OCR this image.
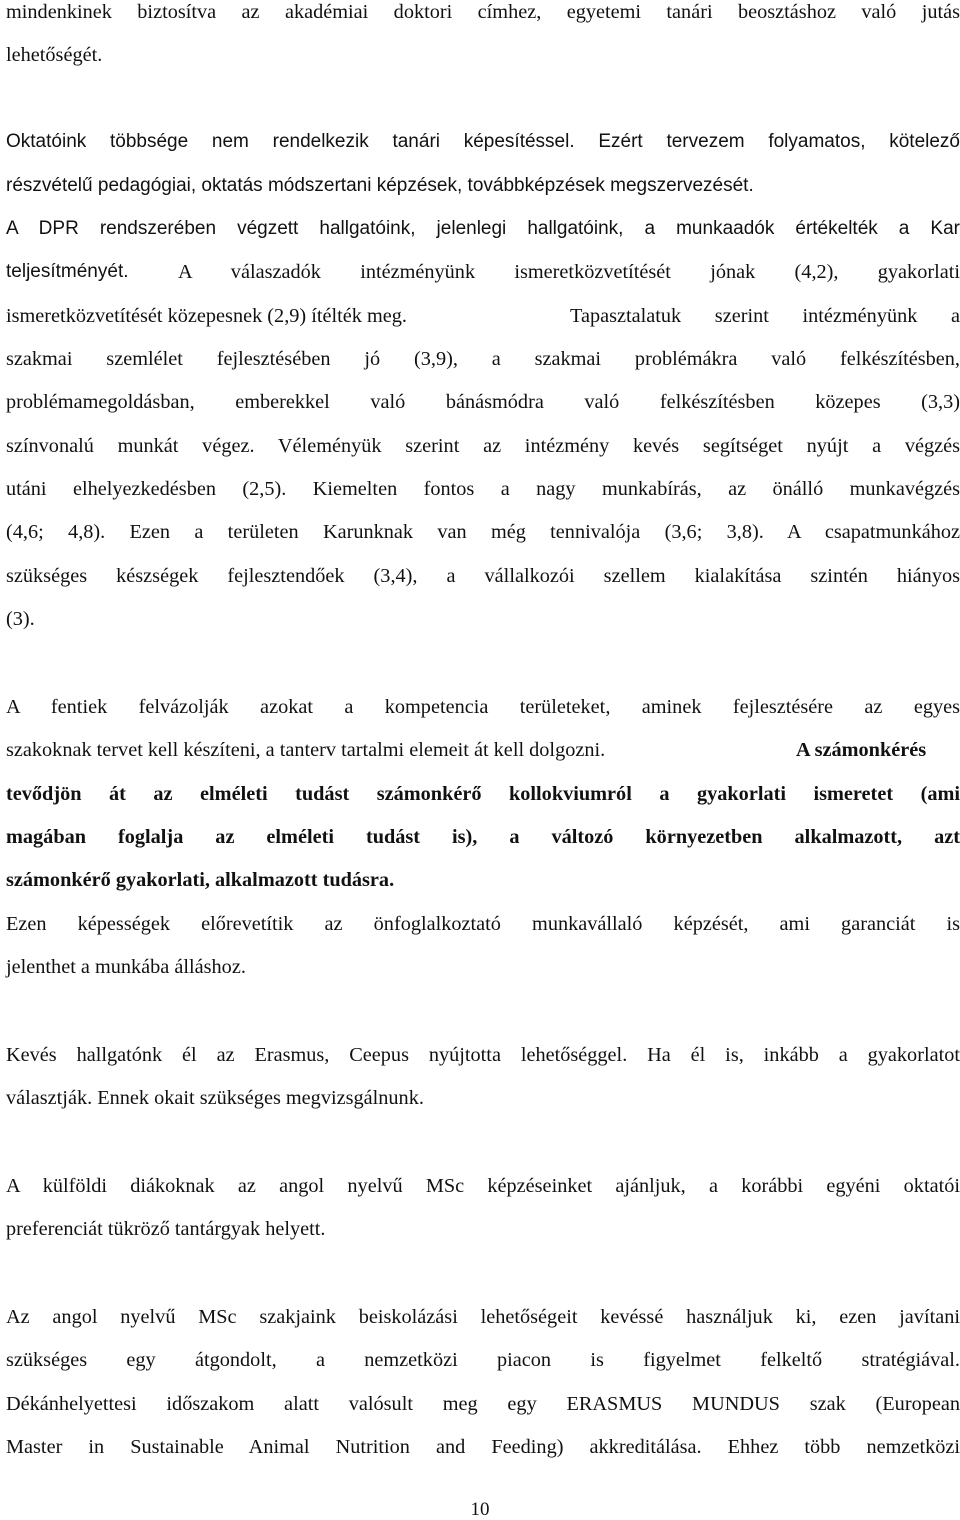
mindenkinek biztosítva az akadémiai doktori címhez, egyetemi tanári beosztáshoz való jutás
lehetőségét.
Oktatóink többsége nem rendelkezik tanári képesítéssel. Ezért tervezem folyamatos, kötelező
részvételű pedagógiai, oktatás módszertani képzések, továbbképzések megszervezését.
A DPR rendszerében végzett hallgatóink, jelenlegi hallgatóink, a munkaadók értékelték a Kar
teljesítményét. A válaszadók intézményünk ismeretközvetítését jónak (4,2), gyakorlati
ismeretközvetítését közepesnek (2,9) ítélték meg.	Tapasztalatuk szerint intézményünk a
szakmai szemlélet fejlesztésében jó (3,9), a szakmai problémákra való felkészítésben,
problémamegoldásban, emberekkel való bánásmódra való felkészítésben közepes (3,3)
színvonalú munkát végez. Véleményük szerint az intézmény kevés segítséget nyújt a végzés
utáni elhelyezkedésben (2,5). Kiemelten fontos a nagy munkabírás, az önálló munkavégzés
(4,6; 4,8). Ezen a területen Karunknak van még tennivalója (3,6; 3,8). A csapatmunkához
szükséges készségek fejlesztendőek (3,4), a vállalkozói szellem kialakítása szintén hiányos
(3).
A fentiek felvázolják azokat a kompetencia területeket, aminek fejlesztésére az egyes
szakoknak tervet kell készíteni, a tanterv tartalmi elemeit át kell dolgozni.	A számonkérés
tevődjön át az elméleti tudást számonkérő kollokviumról a gyakorlati ismeretet (ami
magában foglalja az elméleti tudást is), a változó környezetben alkalmazott, azt
számonkérő gyakorlati, alkalmazott tudásra.
Ezen képességek előrevetítik az önfoglalkoztató munkavállaló képzését, ami garanciát is
jelenthet a munkába álláshoz.
Kevés hallgatónk él az Erasmus, Ceepus nyújtotta lehetőséggel. Ha él is, inkább a gyakorlatot
választják. Ennek okait szükséges megvizsgálnunk.
A külföldi diákoknak az angol nyelvű MSc képzéseinket ajánljuk, a korábbi egyéni oktatói
preferenciát tükröző tantárgyak helyett.
Az angol nyelvű MSc szakjaink beiskolázási lehetőségeit kevéssé használjuk ki, ezen javítani
szükséges egy átgondolt, a nemzetközi piacon is figyelmet felkeltő stratégiával.
Dékánhelyettesi időszakom alatt valósult meg egy ERASMUS MUNDUS szak (European
Master in Sustainable Animal Nutrition and Feeding) akkreditálása. Ehhez több nemzetközi
10
